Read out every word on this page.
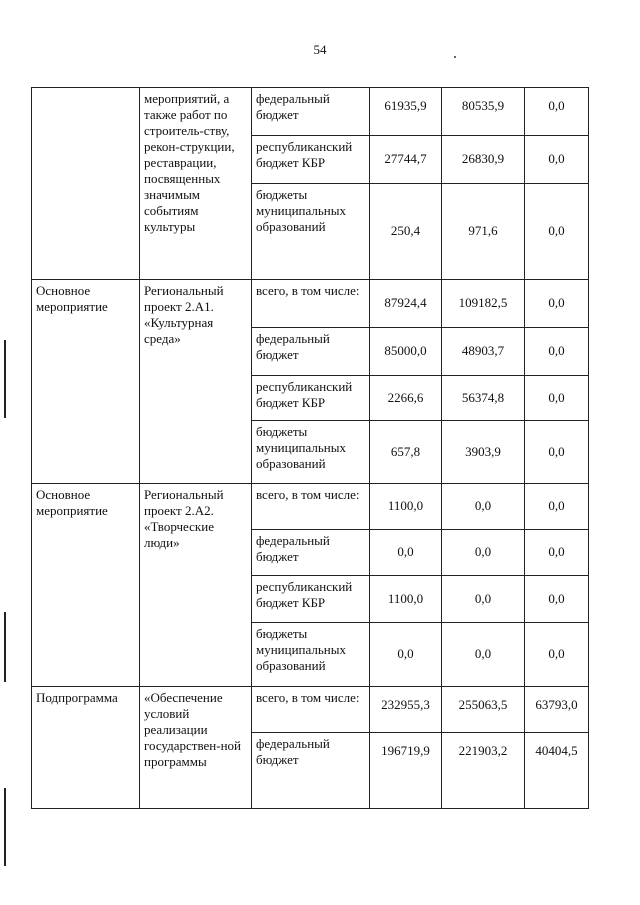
54
	мероприятий, а также работ по строитель-ству, рекон-струкции, реставрации, посвященных значимым событиям культуры	федеральный бюджет	61935,9	80535,9	0,0
		республиканский бюджет КБР	27744,7	26830,9	0,0
		бюджеты муниципальных образований	250,4	971,6	0,0
Основное мероприятие	Региональный проект 2.А1. «Культурная среда»	всего, в том числе:	87924,4	109182,5	0,0
		федеральный бюджет	85000,0	48903,7	0,0
		республиканский бюджет КБР	2266,6	56374,8	0,0
		бюджеты муниципальных образований	657,8	3903,9	0,0
Основное мероприятие	Региональный проект 2.А2. «Творческие люди»	всего, в том числе:	1100,0	0,0	0,0
		федеральный бюджет	0,0	0,0	0,0
		республиканский бюджет КБР	1100,0	0,0	0,0
		бюджеты муниципальных образований	0,0	0,0	0,0
Подпрограмма	«Обеспечение условий реализации государствен-ной программы	всего, в том числе:	232955,3	255063,5	63793,0
		федеральный бюджет	196719,9	221903,2	40404,5
